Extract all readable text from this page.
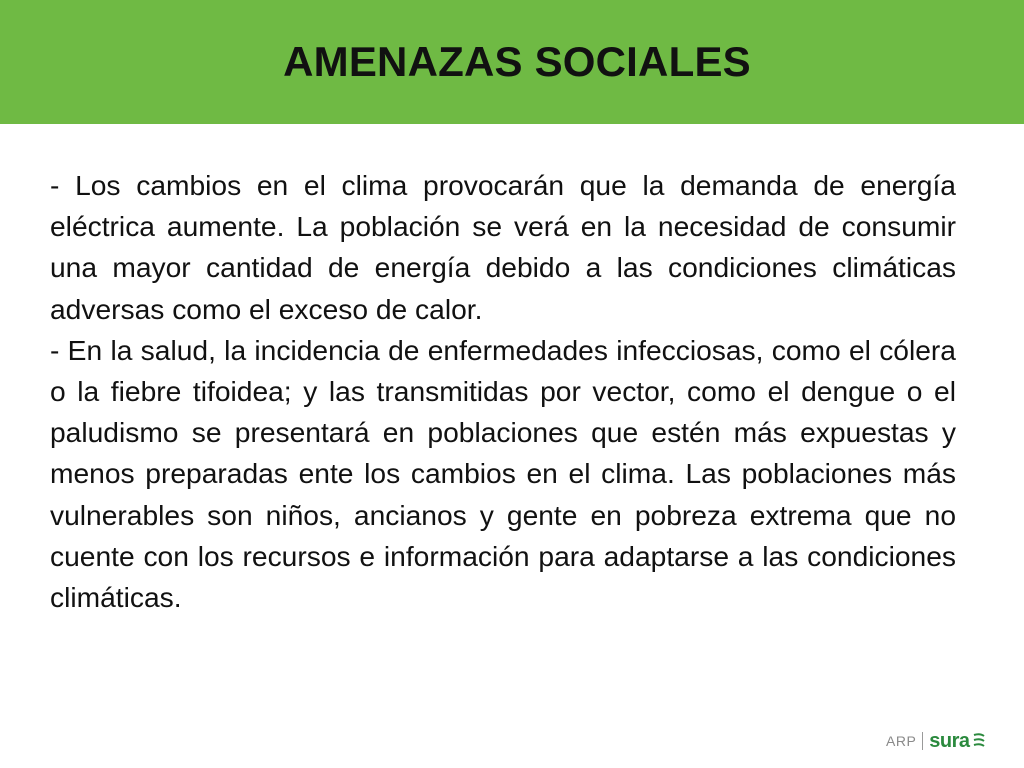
AMENAZAS SOCIALES

- Los cambios en el clima provocarán que la demanda de energía eléctrica aumente. La población se verá en la necesidad de consumir una mayor cantidad de energía debido a las condiciones climáticas adversas como el exceso de calor.

- En la salud, la incidencia de enfermedades infecciosas, como el cólera o la fiebre tifoidea; y las transmitidas por vector, como el dengue o el paludismo se presentará en poblaciones que estén más expuestas y menos preparadas ente los cambios en el clima. Las poblaciones más vulnerables son niños, ancianos y gente en pobreza extrema que no cuente con los recursos e información para adaptarse a las condiciones climáticas.

ARP sura
